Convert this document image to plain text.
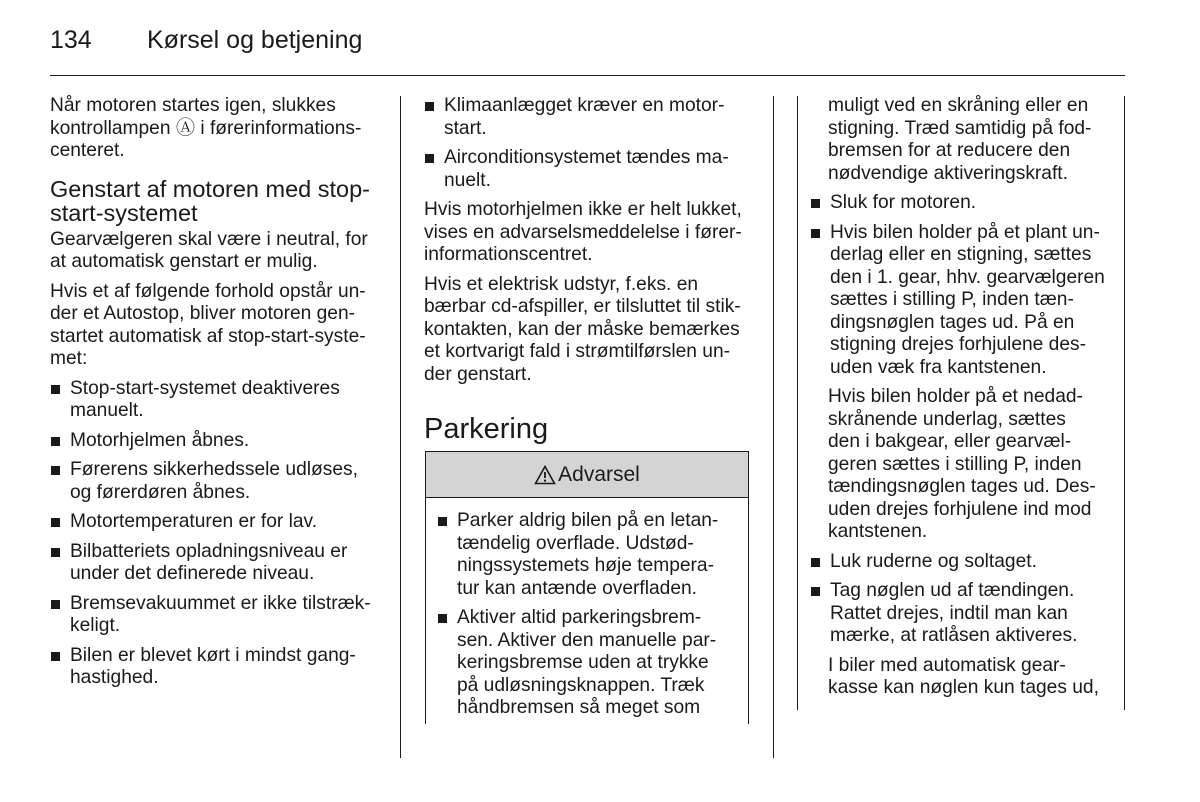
134 Kørsel og betjening
Når motoren startes igen, slukkes
kontrollampen Ⓐ i førerinformations-
centeret.
Genstart af motoren med stop-
start-systemet
Gearvælgeren skal være i neutral, for
at automatisk genstart er mulig.
Hvis et af følgende forhold opstår un-
der et Autostop, bliver motoren gen-
startet automatisk af stop-start-syste-
met:
Stop-start-systemet deaktiveres
manuelt.
Motorhjelmen åbnes.
Førerens sikkerhedssele udløses,
og førerdøren åbnes.
Motortemperaturen er for lav.
Bilbatteriets opladningsniveau er
under det definerede niveau.
Bremsevakuummet er ikke tilstræk-
keligt.
Bilen er blevet kørt i mindst gang-
hastighed.
Klimaanlægget kræver en motor-
start.
Airconditionsystemet tændes ma-
nuelt.
Hvis motorhjelmen ikke er helt lukket,
vises en advarselsmeddelelse i fører-
informationscentret.
Hvis et elektrisk udstyr, f.eks. en
bærbar cd-afspiller, er tilsluttet til stik-
kontakten, kan der måske bemærkes
et kortvarigt fald i strømtilførslen un-
der genstart.
Parkering
Advarsel
Parker aldrig bilen på en letan-
tændelig overflade. Udstød-
ningssystemets høje tempera-
tur kan antænde overfladen.
Aktiver altid parkeringsbrem-
sen. Aktiver den manuelle par-
keringsbremse uden at trykke
på udløsningsknappen. Træk
håndbremsen så meget som
muligt ved en skråning eller en
stigning. Træd samtidig på fod-
bremsen for at reducere den
nødvendige aktiveringskraft.
Sluk for motoren.
Hvis bilen holder på et plant un-
derlag eller en stigning, sættes
den i 1. gear, hhv. gearvælgeren
sættes i stilling P, inden tæn-
dingsnøglen tages ud. På en
stigning drejes forhjulene des-
uden væk fra kantstenen.
Hvis bilen holder på et nedad-
skrånende underlag, sættes
den i bakgear, eller gearvæl-
geren sættes i stilling P, inden
tændingsnøglen tages ud. Des-
uden drejes forhjulene ind mod
kantstenen.
Luk ruderne og soltaget.
Tag nøglen ud af tændingen.
Rattet drejes, indtil man kan
mærke, at ratlåsen aktiveres.
I biler med automatisk gear-
kasse kan nøglen kun tages ud,
